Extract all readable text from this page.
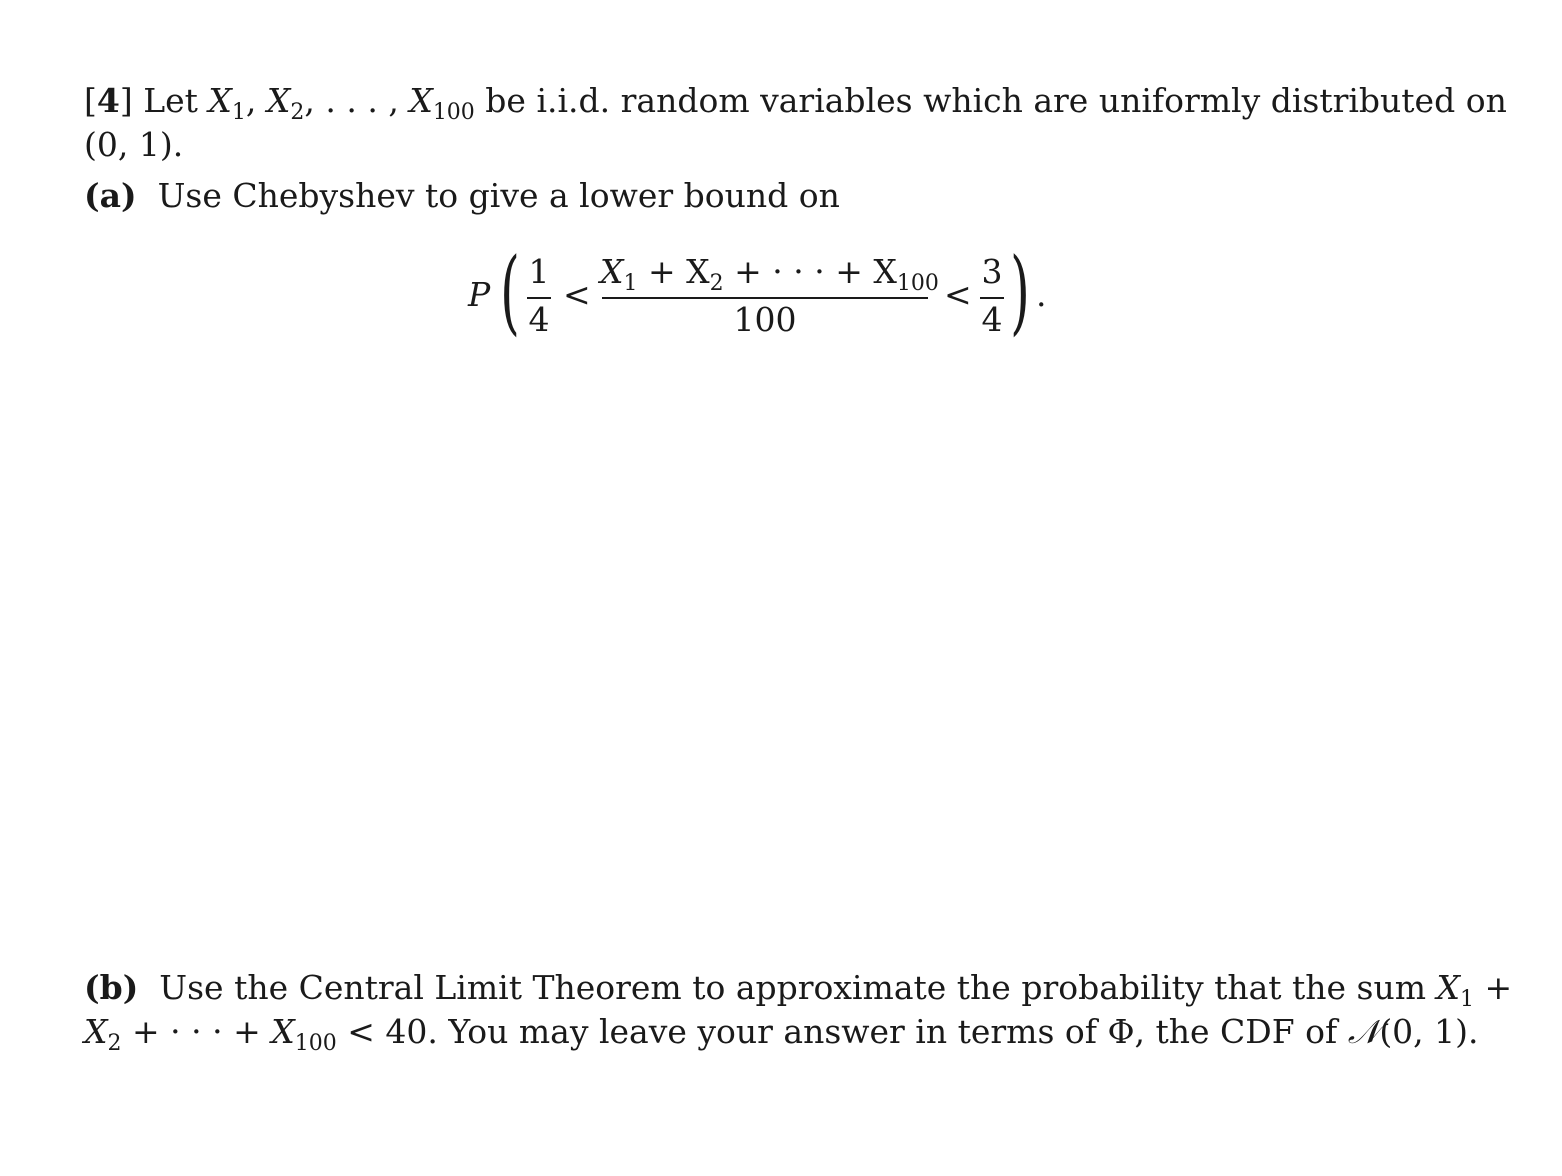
[4] Let $X_1$, $X_2$, . . . , $X_{100}$ be i.i.d. random variables which are uniformly distributed on
(0, 1).
(a) Use Chebyshev to give a lower bound on
P ( 1
4
<
$X_1 + X_2$ + · · · + $X_{100}$
100
<
3
4 ) .
(b) Use the Central Limit Theorem to approximate the probability that the sum $X_1$ +
$X_2$ + · · · + $X_{100} < 40$. You may leave your answer in terms of Φ, the CDF of 𝒩(0, 1).
